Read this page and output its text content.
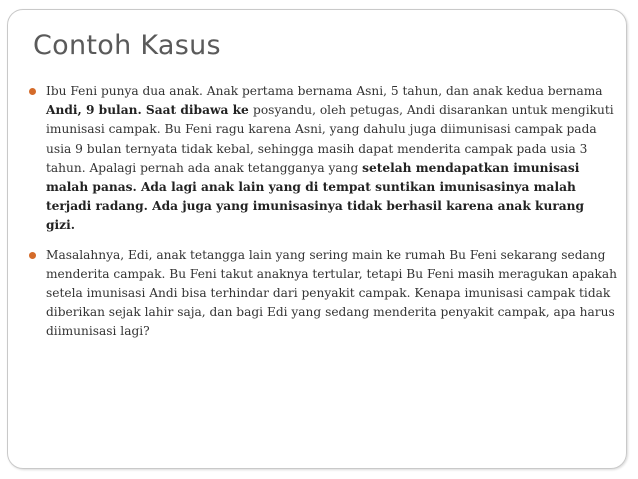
Contoh Kasus
Ibu Feni punya dua anak. Anak pertama bernama Asni, 5 tahun, dan anak kedua bernama Andi, 9 bulan. Saat dibawa ke posyandu, oleh petugas, Andi disarankan untuk mengikuti imunisasi campak. Bu Feni ragu karena Asni, yang dahulu juga diimunisasi campak pada usia 9 bulan ternyata tidak kebal, sehingga masih dapat menderita campak pada usia 3 tahun. Apalagi pernah ada anak tetangganya yang setelah mendapatkan imunisasi malah panas. Ada lagi anak lain yang di tempat suntikan imunisasinya malah terjadi radang. Ada juga yang imunisasinya tidak berhasil karena anak kurang gizi.
Masalahnya, Edi, anak tetangga lain yang sering main ke rumah Bu Feni sekarang sedang menderita campak. Bu Feni takut anaknya tertular, tetapi Bu Feni masih meragukan apakah setela imunisasi Andi bisa terhindar dari penyakit campak. Kenapa imunisasi campak tidak diberikan sejak lahir saja, dan bagi Edi yang sedang menderita penyakit campak, apa harus diimunisasi lagi?
